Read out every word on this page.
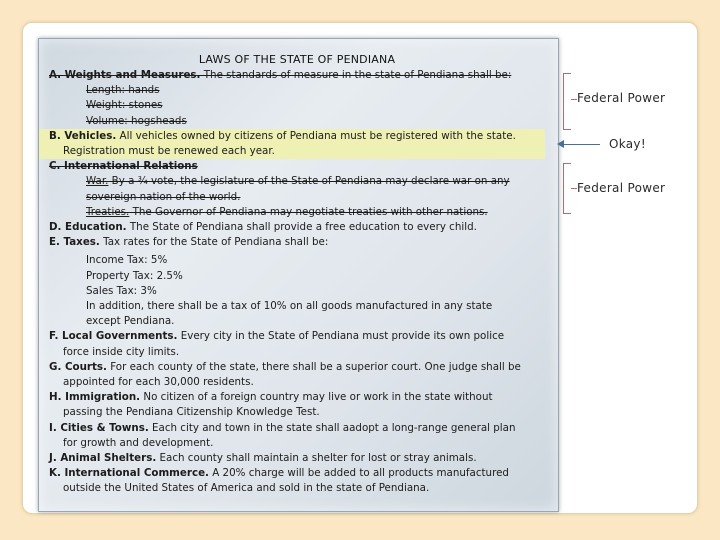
LAWS OF THE STATE OF PENDIANA
A. Weights and Measures. The standards of measure in the state of Pendiana shall be:
Length: hands
Weight: stones
Volume: hogsheads
B. Vehicles. All vehicles owned by citizens of Pendiana must be registered with the state.
Registration must be renewed each year.
C. International Relations
War. By a ¾ vote, the legislature of the State of Pendiana may declare war on any
sovereign nation of the world.
Treaties. The Governor of Pendiana may negotiate treaties with other nations.
D. Education. The State of Pendiana shall provide a free education to every child.
E. Taxes. Tax rates for the State of Pendiana shall be:
Income Tax: 5%
Property Tax: 2.5%
Sales Tax: 3%
In addition, there shall be a tax of 10% on all goods manufactured in any state
except Pendiana.
F. Local Governments. Every city in the State of Pendiana must provide its own police
force inside city limits.
G. Courts. For each county of the state, there shall be a superior court. One judge shall be
appointed for each 30,000 residents.
H. Immigration. No citizen of a foreign country may live or work in the state without
passing the Pendiana Citizenship Knowledge Test.
I. Cities & Towns. Each city and town in the state shall aadopt a long-range general plan
for growth and development.
J. Animal Shelters. Each county shall maintain a shelter for lost or stray animals.
K. International Commerce. A 20% charge will be added to all products manufactured
outside the United States of America and sold in the state of Pendiana.
Federal Power
Okay!
Federal Power
